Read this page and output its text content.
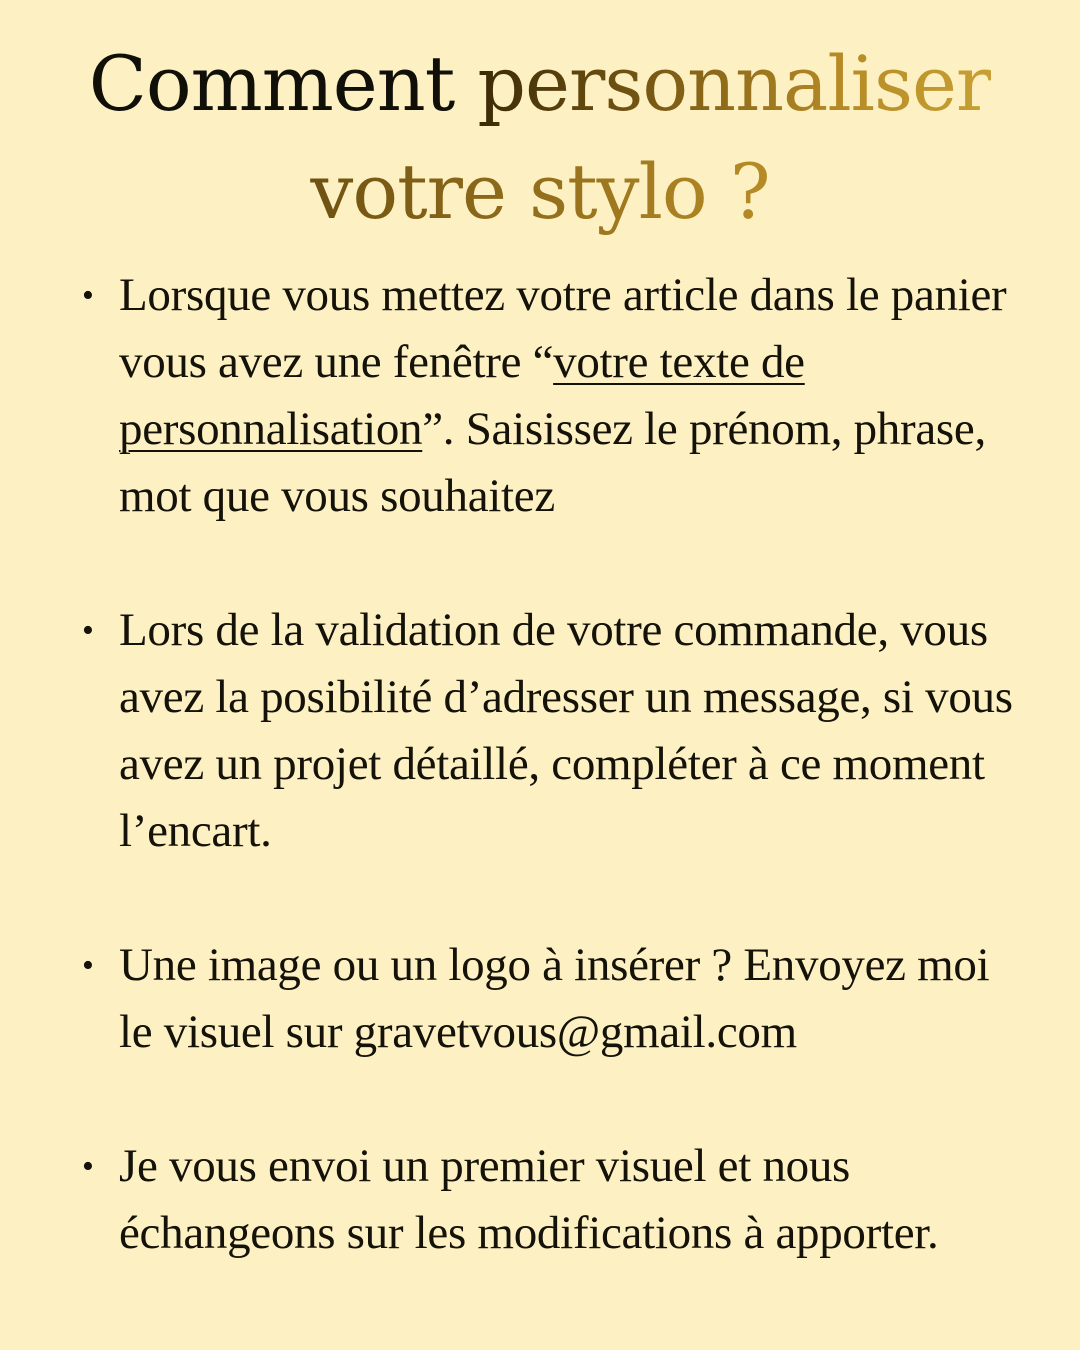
Comment personnaliser
votre stylo ?
• Lorsque vous mettez votre article dans le panier vous avez une fenêtre “votre texte de personnalisation”. Saisissez le prénom, phrase, mot que vous souhaitez
• Lors de la validation de votre commande, vous avez la posibilité d’adresser un message, si vous avez un projet détaillé, compléter à ce moment l’encart.
• Une image ou un logo à insérer ? Envoyez moi le visuel sur gravetvous@gmail.com
• Je vous envoi un premier visuel et nous échangeons sur les modifications à apporter.
